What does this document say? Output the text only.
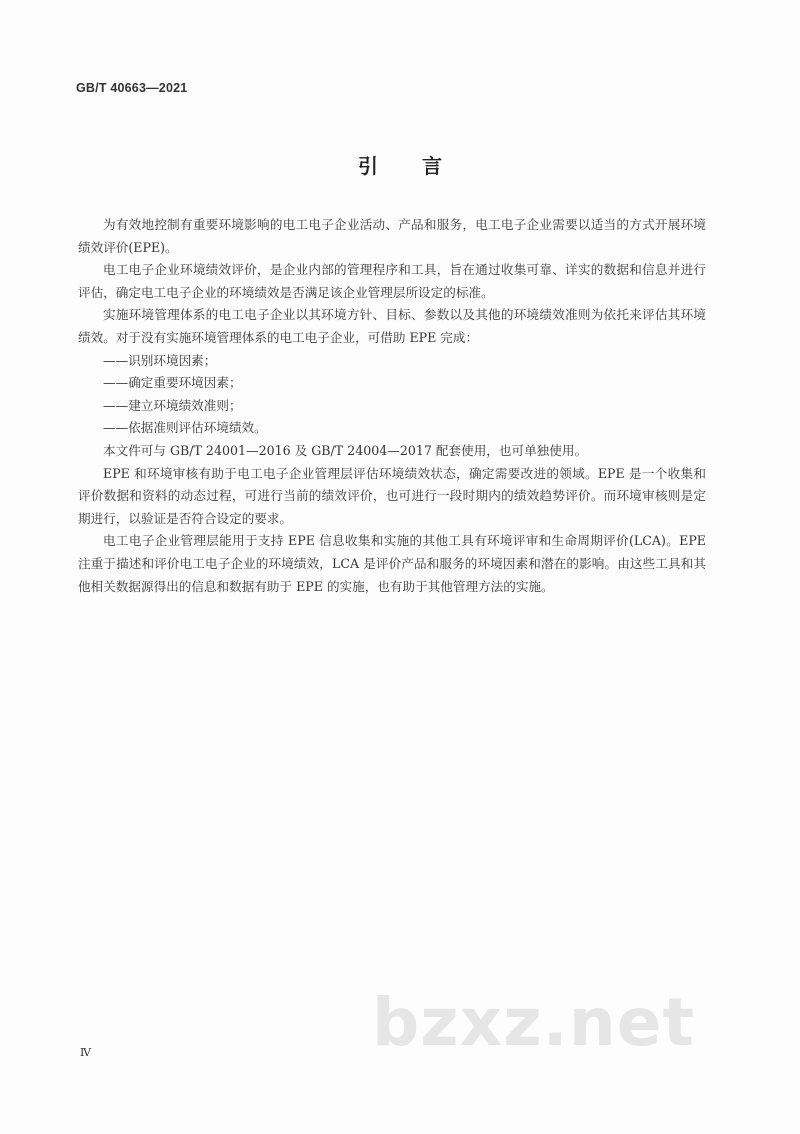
GB/T 40663—2021
引言

为有效地控制有重要环境影响的电工电子企业活动、产品和服务，电工电子企业需要以适当的方式开展环境绩效评价(EPE)。

电工电子企业环境绩效评价，是企业内部的管理程序和工具，旨在通过收集可靠、详实的数据和信息并进行评估，确定电工电子企业的环境绩效是否满足该企业管理层所设定的标准。

实施环境管理体系的电工电子企业以其环境方针、目标、参数以及其他的环境绩效准则为依托来评估其环境绩效。对于没有实施环境管理体系的电工电子企业，可借助 EPE 完成：

——识别环境因素；

——确定重要环境因素；

——建立环境绩效准则；

——依据准则评估环境绩效。

本文件可与 GB/T 24001—2016 及 GB/T 24004—2017 配套使用，也可单独使用。

EPE 和环境审核有助于电工电子企业管理层评估环境绩效状态，确定需要改进的领域。EPE 是一个收集和评价数据和资料的动态过程，可进行当前的绩效评价，也可进行一段时期内的绩效趋势评价。而环境审核则是定期进行，以验证是否符合设定的要求。

电工电子企业管理层能用于支持 EPE 信息收集和实施的其他工具有环境评审和生命周期评价(LCA)。EPE 注重于描述和评价电工电子企业的环境绩效，LCA 是评价产品和服务的环境因素和潜在的影响。由这些工具和其他相关数据源得出的信息和数据有助于 EPE 的实施，也有助于其他管理方法的实施。

Ⅳ	bzxz.net
